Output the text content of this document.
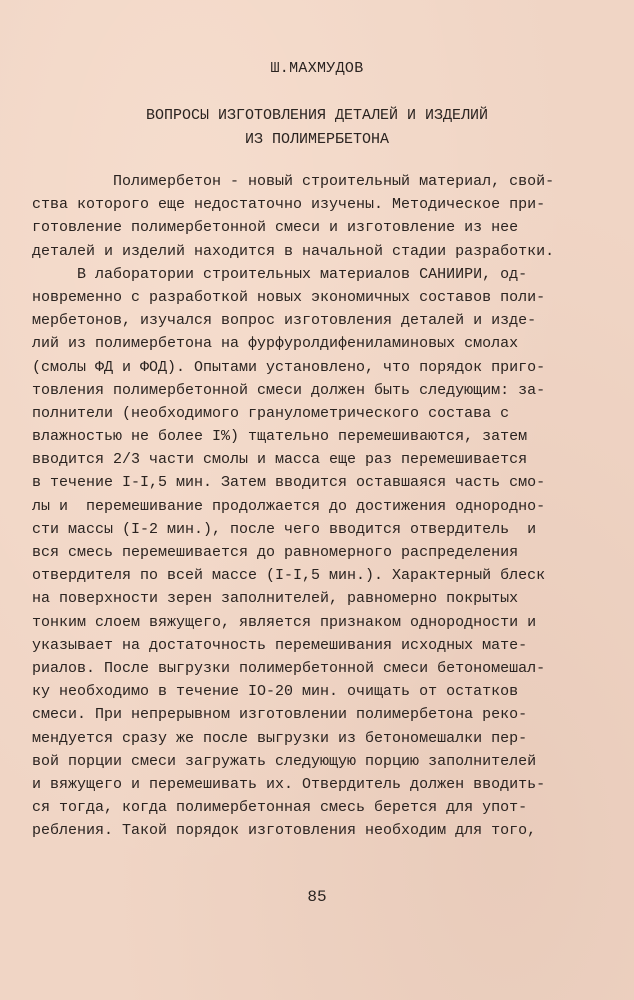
Ш.МАХМУДОВ
ВОПРОСЫ ИЗГОТОВЛЕНИЯ ДЕТАЛЕЙ И ИЗДЕЛИЙ
ИЗ ПОЛИМЕРБЕТОНА
Полимербетон - новый строительный материал, свой-
ства которого еще недостаточно изучены. Методическое при-
готовление полимербетонной смеси и изготовление из нее
деталей и изделий находится в начальной стадии разработки.
В лаборатории строительных материалов САНИИРИ, од-
новременно с разработкой новых экономичных составов поли-
мербетонов, изучался вопрос изготовления деталей и изде-
лий из полимербетона на фурфуролдифениламиновых смолах
(смолы ФД и ФОД). Опытами установлено, что порядок приго-
товления полимербетонной смеси должен быть следующим: за-
полнители (необходимого гранулометрического состава с
влажностью не более I%) тщательно перемешиваются, затем
вводится 2/3 части смолы и масса еще раз перемешивается
в течение I-I,5 мин. Затем вводится оставшаяся часть смо-
лы и  перемешивание продолжается до достижения однородно-
сти массы (I-2 мин.), после чего вводится отвердитель  и
вся смесь перемешивается до равномерного распределения
отвердителя по всей массе (I-I,5 мин.). Характерный блеск
на поверхности зерен заполнителей, равномерно покрытых
тонким слоем вяжущего, является признаком однородности и
указывает на достаточность перемешивания исходных мате-
риалов. После выгрузки полимербетонной смеси бетономешал-
ку необходимо в течение IO-20 мин. очищать от остатков
смеси. При непрерывном изготовлении полимербетона реко-
мендуется сразу же после выгрузки из бетономешалки пер-
вой порции смеси загружать следующую порцию заполнителей
и вяжущего и перемешивать их. Отвердитель должен вводить-
ся тогда, когда полимербетонная смесь берется для упот-
ребления. Такой порядок изготовления необходим для того,
85
